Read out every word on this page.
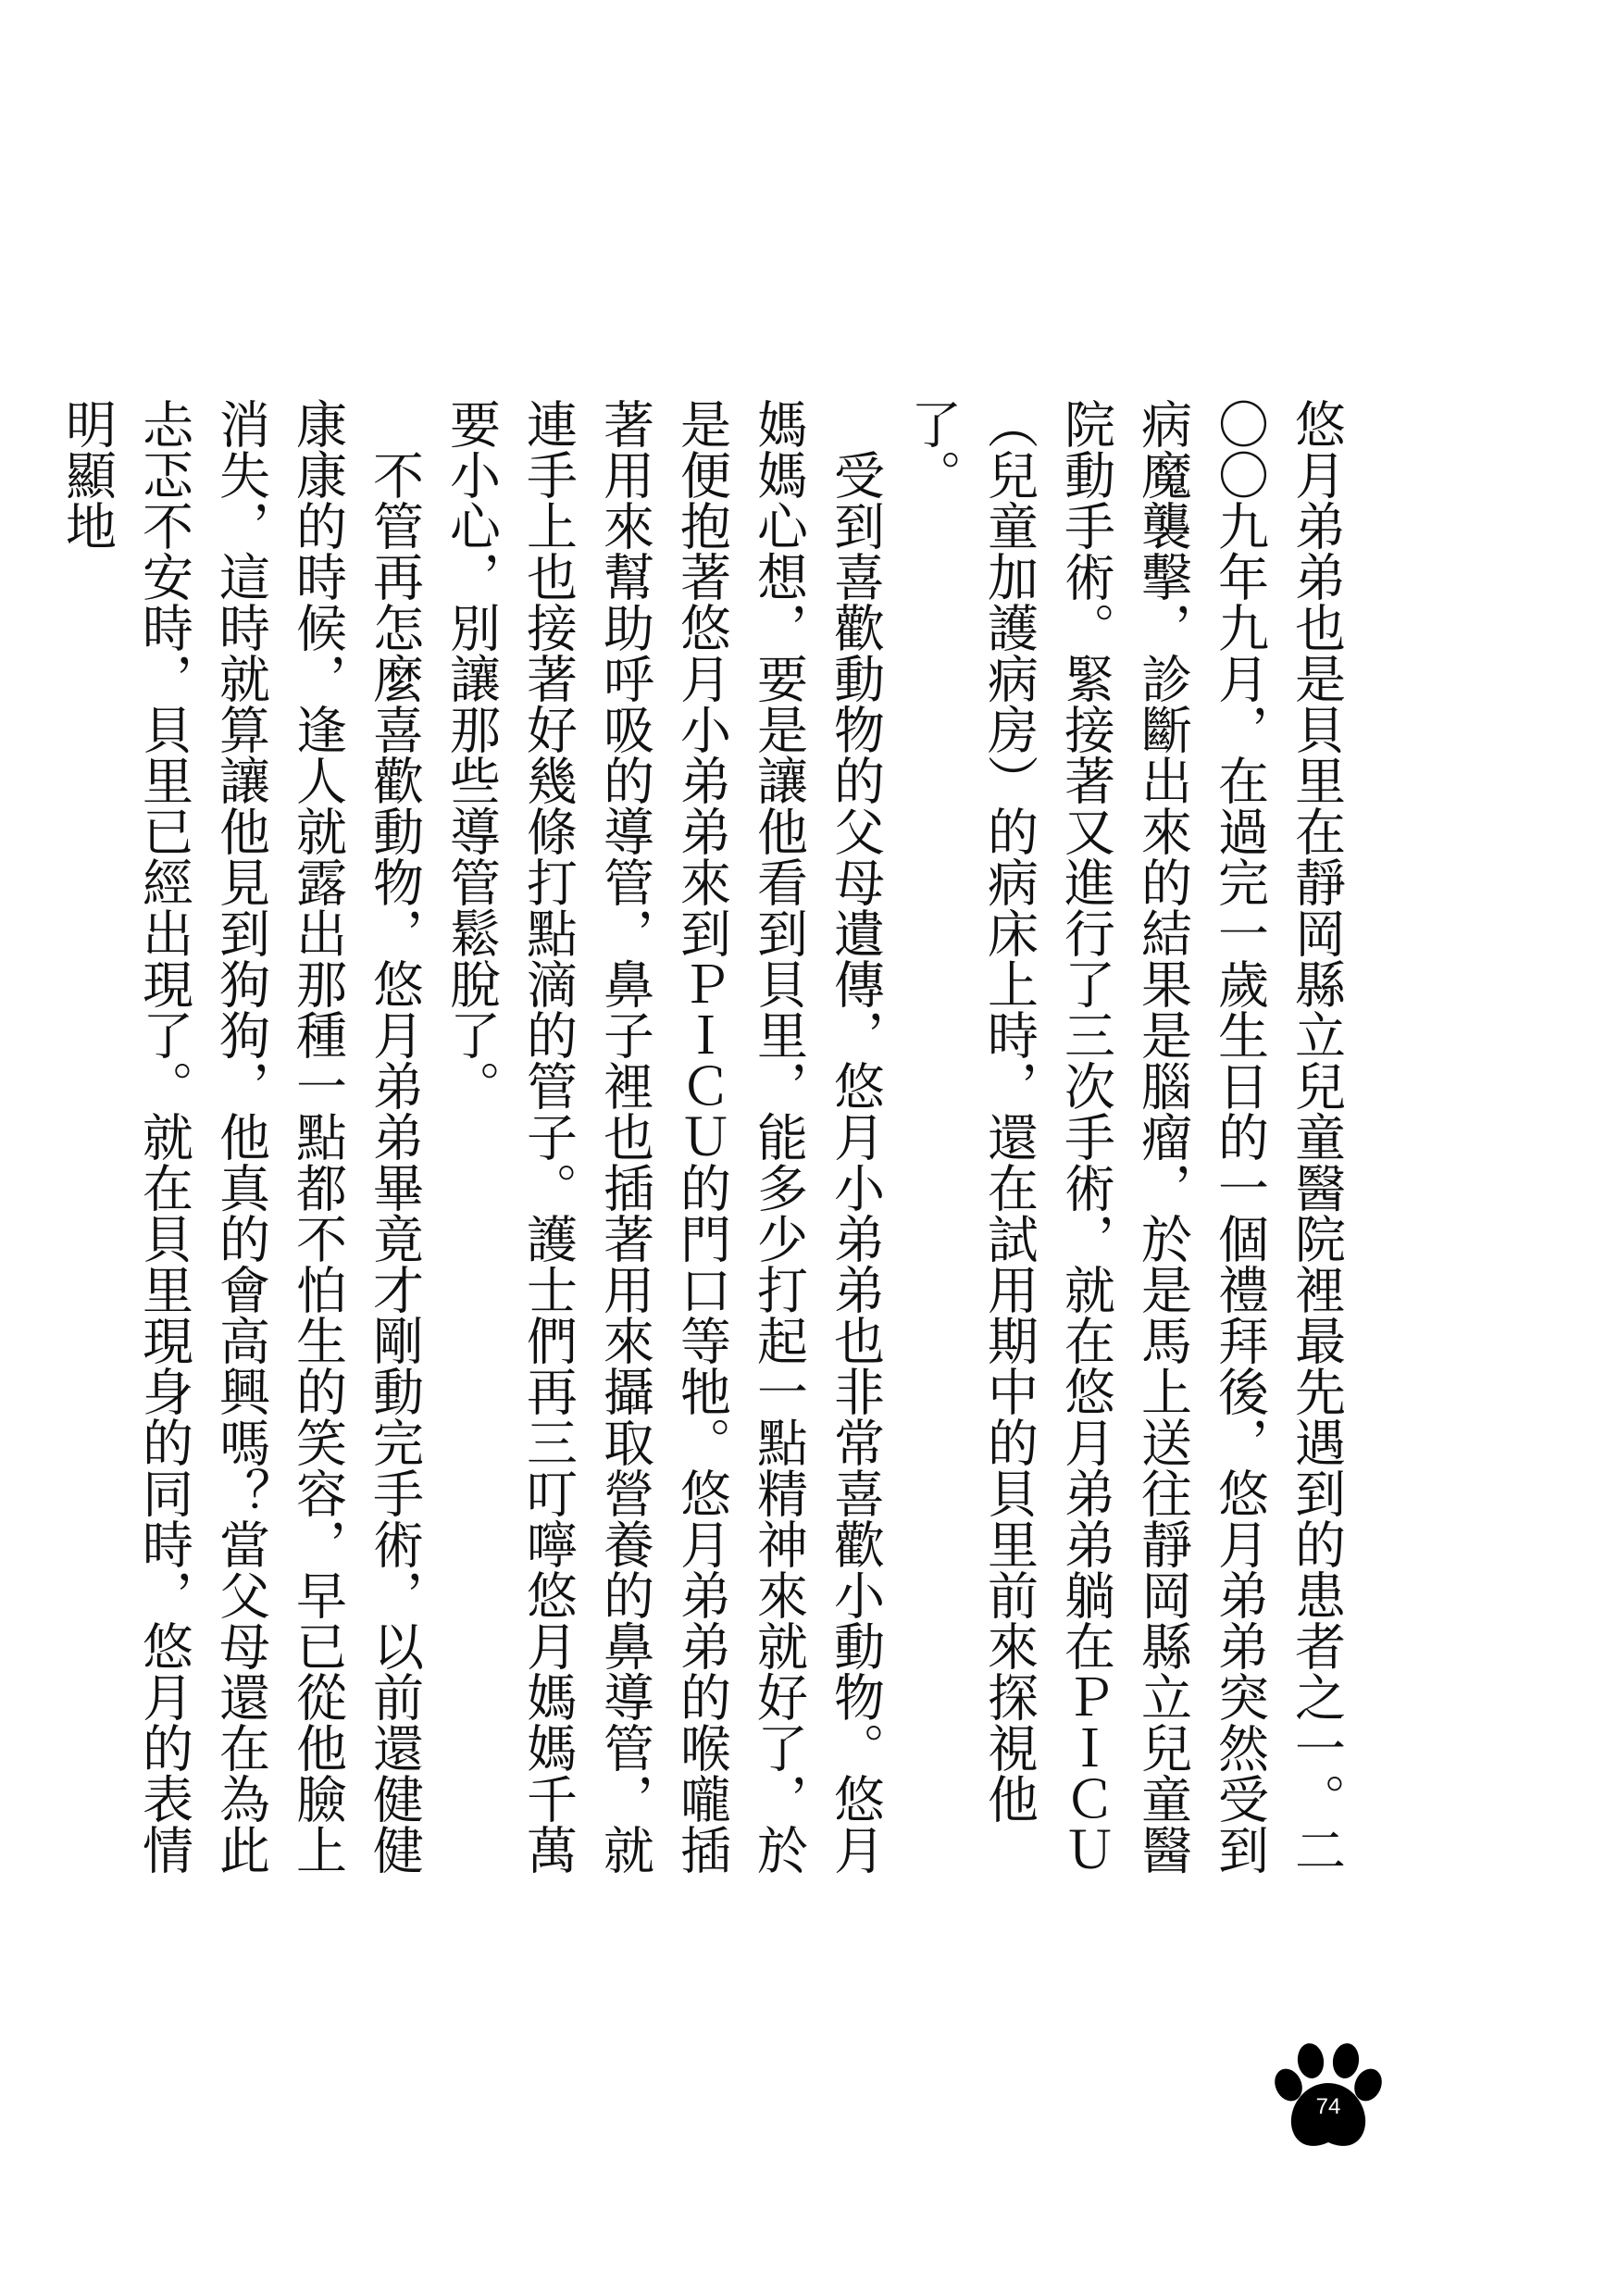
悠月弟弟也是貝里在靜岡縣立兒童醫院裡最先遇到的患者之一。二〇〇九年九月，在過完一歲生日的一個禮拜後，悠月弟弟突然受到病魔襲擊，診斷出來的結果是腦瘤，於是馬上送往靜岡縣立兒童醫院動手術。緊接著又進行了三次手術，就在悠月弟弟躺在ＰＩＣＵ（兒童加護病房）的病床上時，還在試用期中的貝里前來探視他了。

受到喜歡動物的父母遺傳，悠月小弟弟也非常喜歡小動物。悠月媽媽心想，要是讓他看到貝里，能多少打起一點精神來就好了，於是便抱著悠月小弟弟來到ＰＩＣＵ的門口等牠。悠月弟弟的喉嚨插著用來幫助呼吸的導管，鼻子裡也插著用來攝取營養的鼻導管，就連手上也接著好幾條打點滴的管子。護士們再三叮嚀悠月媽媽千萬要小心，別讓那些導管鬆脫了。

不管再怎麼喜歡動物，悠月弟弟畢竟才剛動完手術，以前還健健康康的時候，逢人就露出那種一點都不怕生的笑容，早已從他臉上消失，這時就算讓他見到狗狗，他真的會高興嗎？當父母還在為此忐忑不安時，貝里已經出現了。就在貝里現身的同時，悠月的表情明顯地

74
